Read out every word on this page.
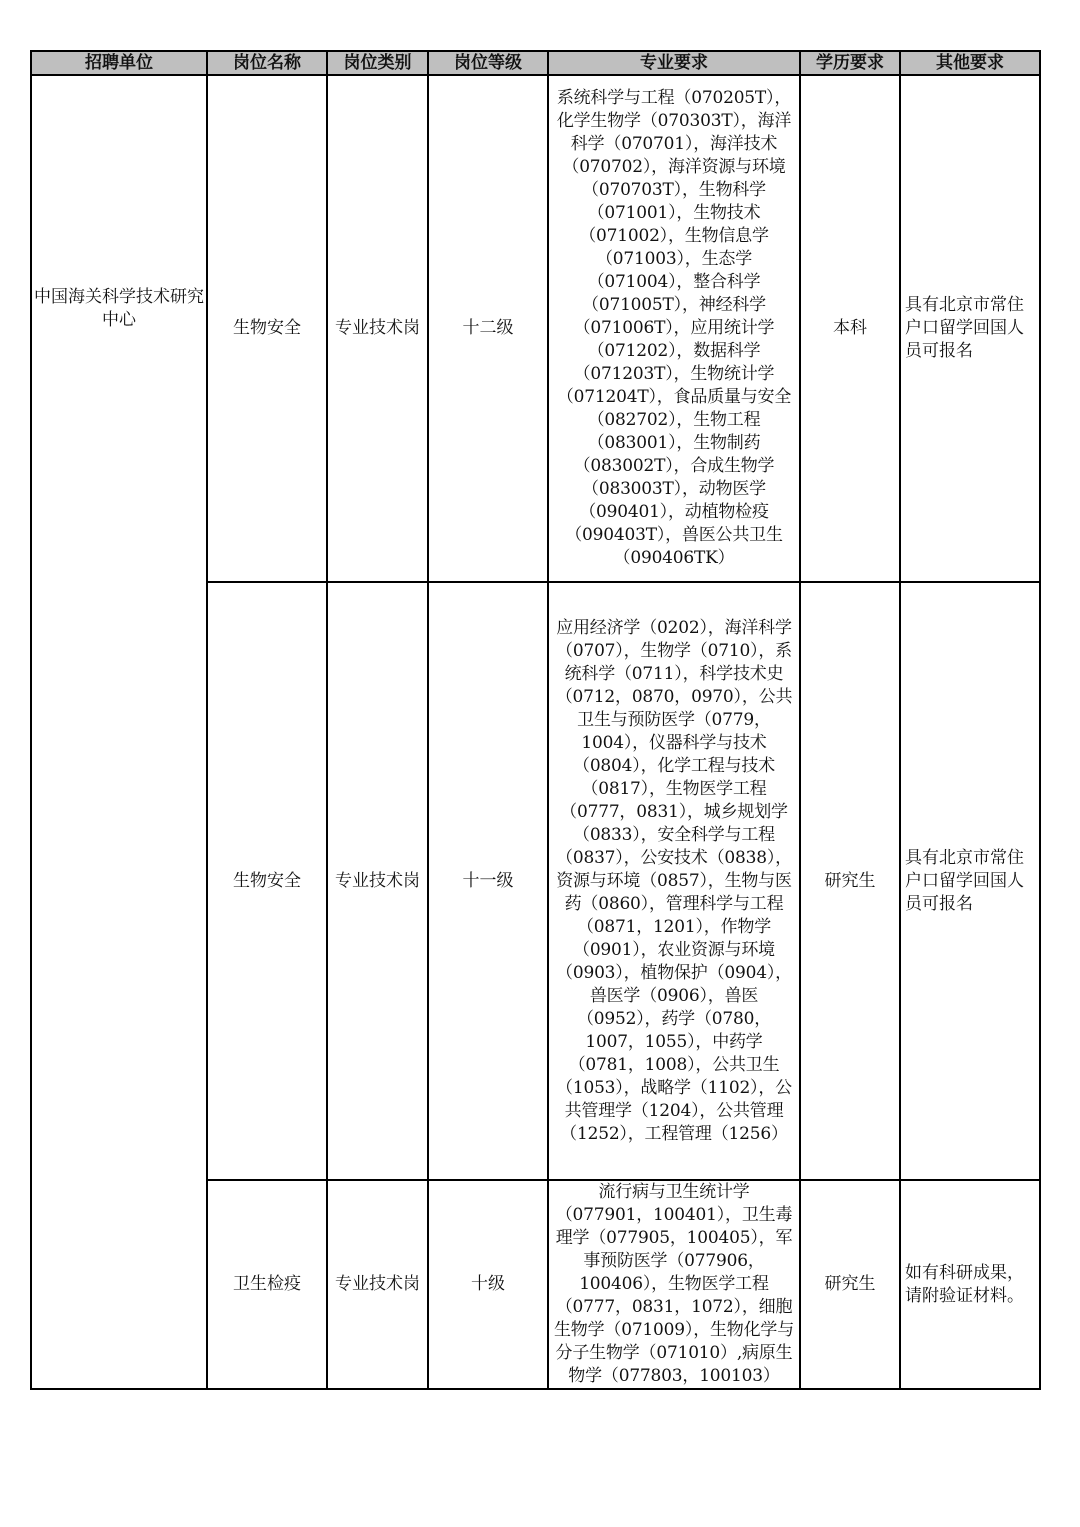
招聘单位	岗位名称	岗位类别	岗位等级	专业要求	学历要求	其他要求
中国海关科学技术研究中心	生物安全	专业技术岗	十二级	系统科学与工程（070205T），化学生物学（070303T），海洋科学（070701），海洋技术（070702），海洋资源与环境（070703T），生物科学（071001），生物技术（071002），生物信息学（071003），生态学（071004），整合科学（071005T），神经科学（071006T），应用统计学（071202），数据科学（071203T），生物统计学（071204T），食品质量与安全（082702），生物工程（083001），生物制药（083002T），合成生物学（083003T），动物医学（090401），动植物检疫（090403T），兽医公共卫生（090406TK）	本科	具有北京市常住户口留学回国人员可报名
	生物安全	专业技术岗	十一级	应用经济学（0202），海洋科学（0707），生物学（0710），系统科学（0711），科学技术史（0712，0870，0970），公共卫生与预防医学（0779，1004），仪器科学与技术（0804），化学工程与技术（0817），生物医学工程（0777，0831），城乡规划学（0833），安全科学与工程（0837），公安技术（0838），资源与环境（0857），生物与医药（0860），管理科学与工程（0871，1201），作物学（0901），农业资源与环境（0903），植物保护（0904），兽医学（0906），兽医（0952），药学（0780，1007，1055），中药学（0781，1008），公共卫生（1053），战略学（1102），公共管理学（1204），公共管理（1252），工程管理（1256）	研究生	具有北京市常住户口留学回国人员可报名
	卫生检疫	专业技术岗	十级	流行病与卫生统计学（077901，100401），卫生毒理学（077905，100405），军事预防医学（077906，100406），生物医学工程（0777，0831，1072），细胞生物学（071009），生物化学与分子生物学（071010）,病原生物学（077803，100103）	研究生	如有科研成果，请附验证材料。
